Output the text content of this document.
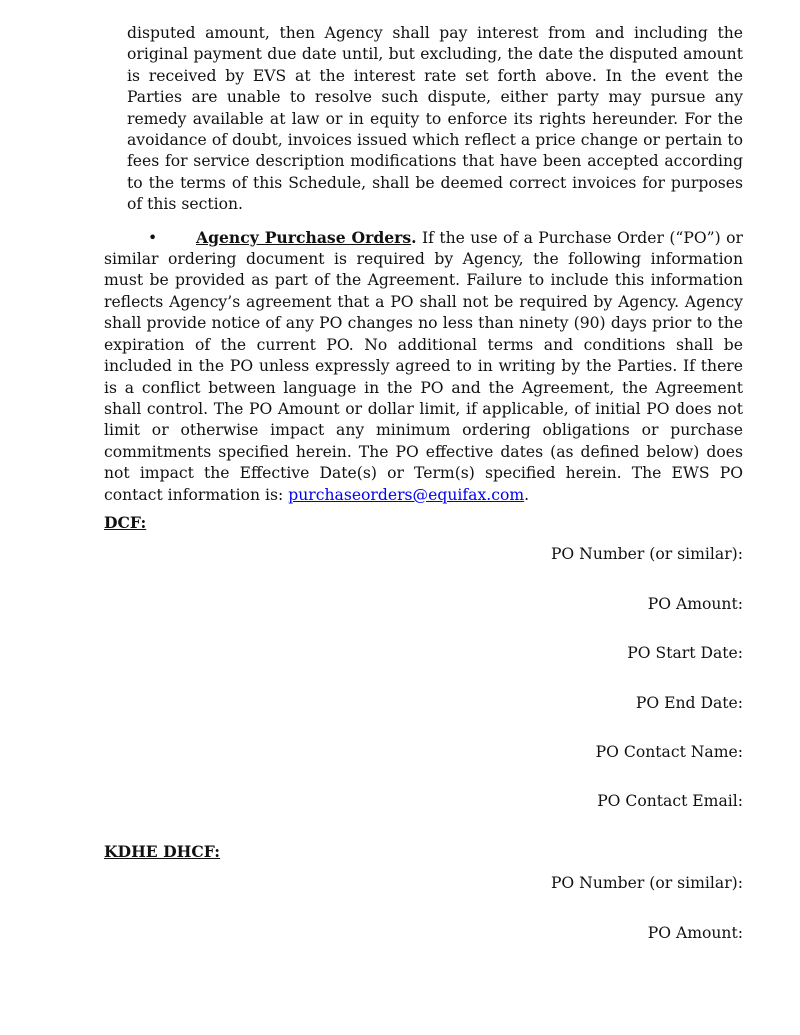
disputed amount, then Agency shall pay interest from and including the original payment due date until, but excluding, the date the disputed amount is received by EVS at the interest rate set forth above. In the event the Parties are unable to resolve such dispute, either party may pursue any remedy available at law or in equity to enforce its rights hereunder. For the avoidance of doubt, invoices issued which reflect a price change or pertain to fees for service description modifications that have been accepted according to the terms of this Schedule, shall be deemed correct invoices for purposes of this section.
• Agency Purchase Orders. If the use of a Purchase Order (“PO”) or similar ordering document is required by Agency, the following information must be provided as part of the Agreement. Failure to include this information reflects Agency’s agreement that a PO shall not be required by Agency. Agency shall provide notice of any PO changes no less than ninety (90) days prior to the expiration of the current PO. No additional terms and conditions shall be included in the PO unless expressly agreed to in writing by the Parties. If there is a conflict between language in the PO and the Agreement, the Agreement shall control. The PO Amount or dollar limit, if applicable, of initial PO does not limit or otherwise impact any minimum ordering obligations or purchase commitments specified herein. The PO effective dates (as defined below) does not impact the Effective Date(s) or Term(s) specified herein. The EWS PO contact information is: purchaseorders@equifax.com.
DCF:
PO Number (or similar):
PO Amount:
PO Start Date:
PO End Date:
PO Contact Name:
PO Contact Email:
KDHE DHCF:
PO Number (or similar):
PO Amount:
